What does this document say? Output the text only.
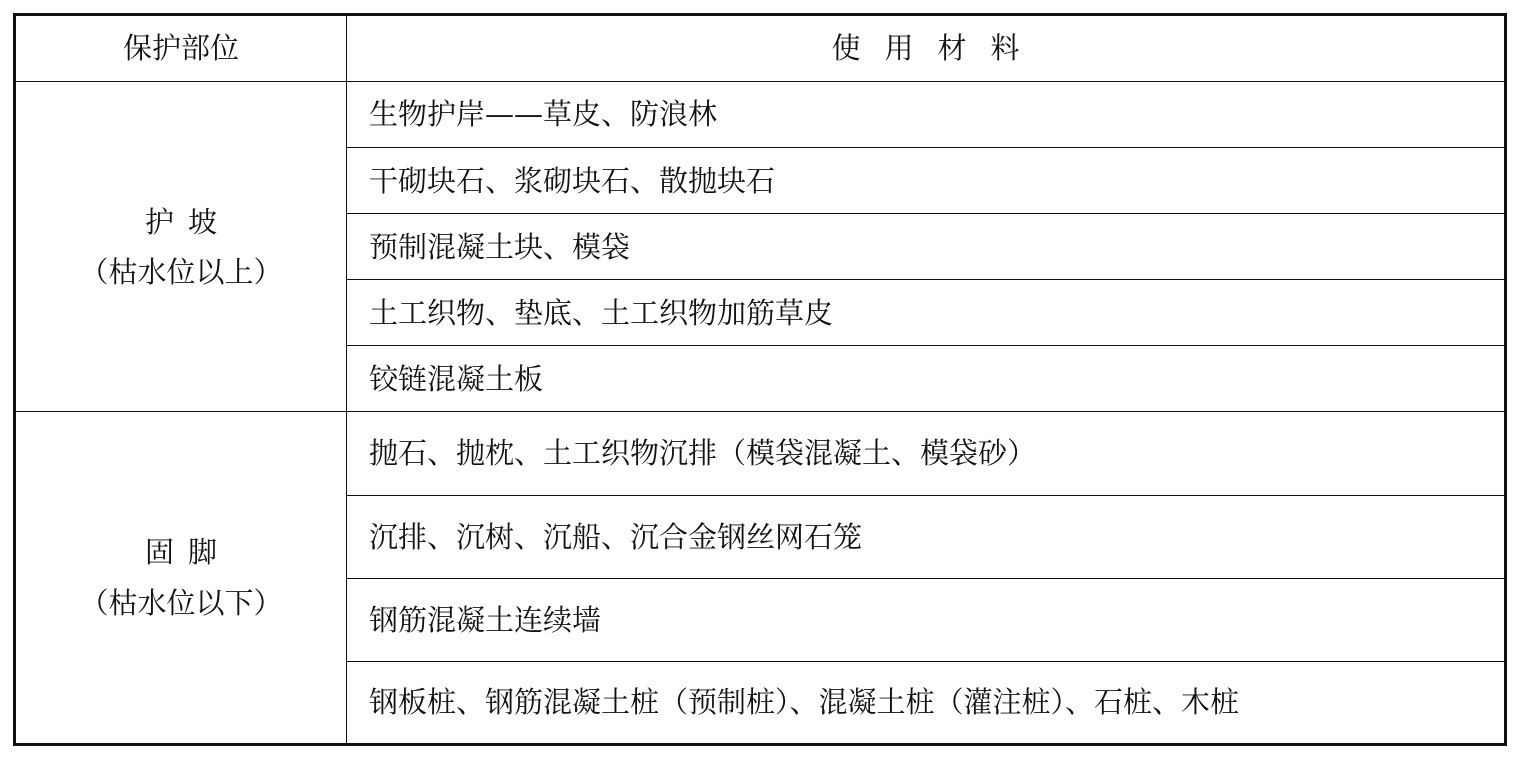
保护部位	使用材料

护坡
（枯水位以上）	生物护岸——草皮、防浪林
	干砌块石、浆砌块石、散抛块石
	预制混凝土块、模袋
	土工织物、垫底、土工织物加筋草皮
	铰链混凝土板

固脚
（枯水位以下）	抛石、抛枕、土工织物沉排（模袋混凝土、模袋砂）
	沉排、沉树、沉船、沉合金钢丝网石笼
	钢筋混凝土连续墙
	钢板桩、钢筋混凝土桩（预制桩）、混凝土桩（灌注桩）、石桩、木桩
